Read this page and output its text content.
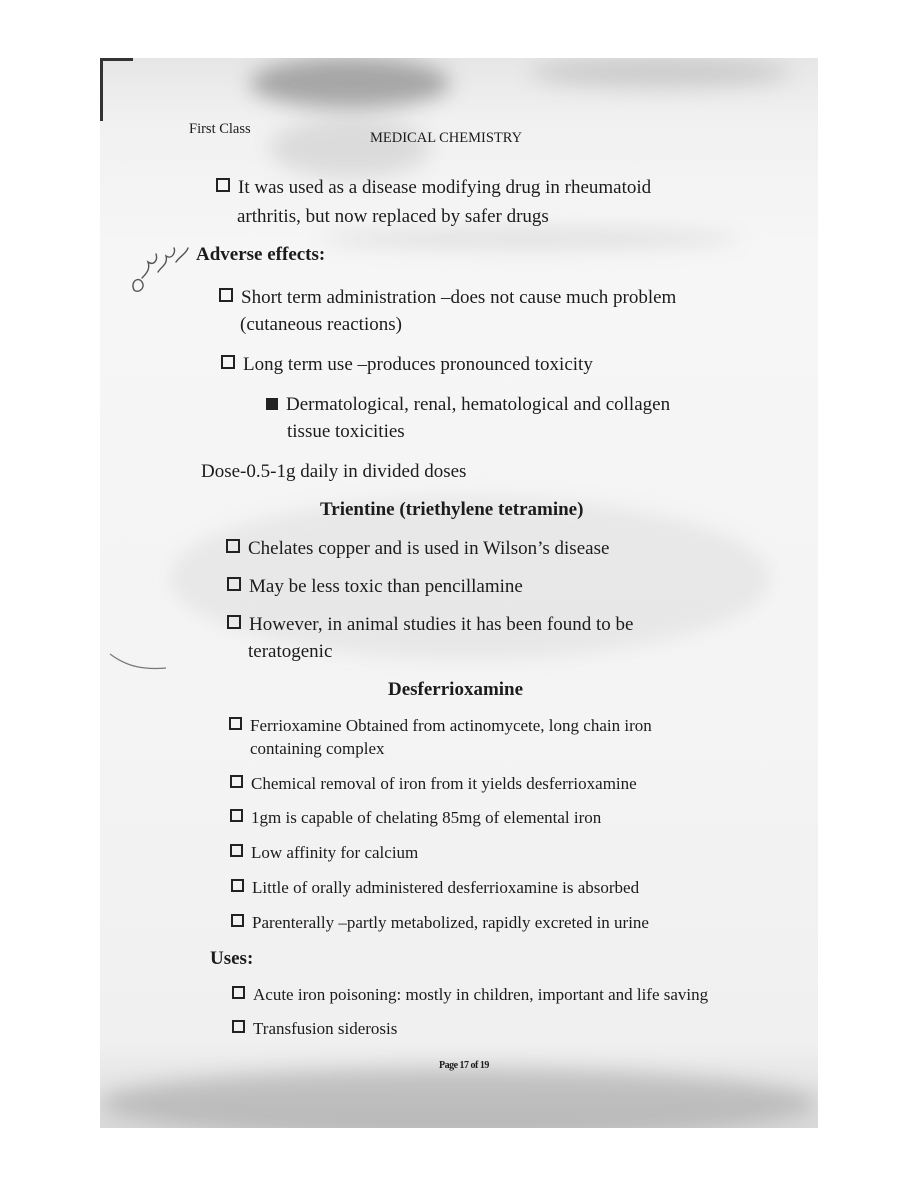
First Class
MEDICAL CHEMISTRY
It was used as a disease modifying drug in rheumatoid
arthritis, but now replaced by safer drugs
Adverse effects:
Short term administration –does not cause much problem
(cutaneous reactions)
Long term use –produces pronounced toxicity
Dermatological, renal, hematological and collagen
tissue toxicities
Dose-0.5-1g daily in divided doses
Trientine (triethylene tetramine)
Chelates copper and is used in Wilson’s disease
May be less toxic than pencillamine
However, in animal studies it has been found to be
teratogenic
Desferrioxamine
Ferrioxamine Obtained from actinomycete, long chain iron
containing complex
Chemical removal of iron from it yields desferrioxamine
1gm is capable of chelating 85mg of elemental iron
Low affinity for calcium
Little of orally administered desferrioxamine is absorbed
Parenterally –partly metabolized, rapidly excreted in urine
Uses:
Acute iron poisoning: mostly in children, important and life saving
Transfusion siderosis
Page 17 of 19
